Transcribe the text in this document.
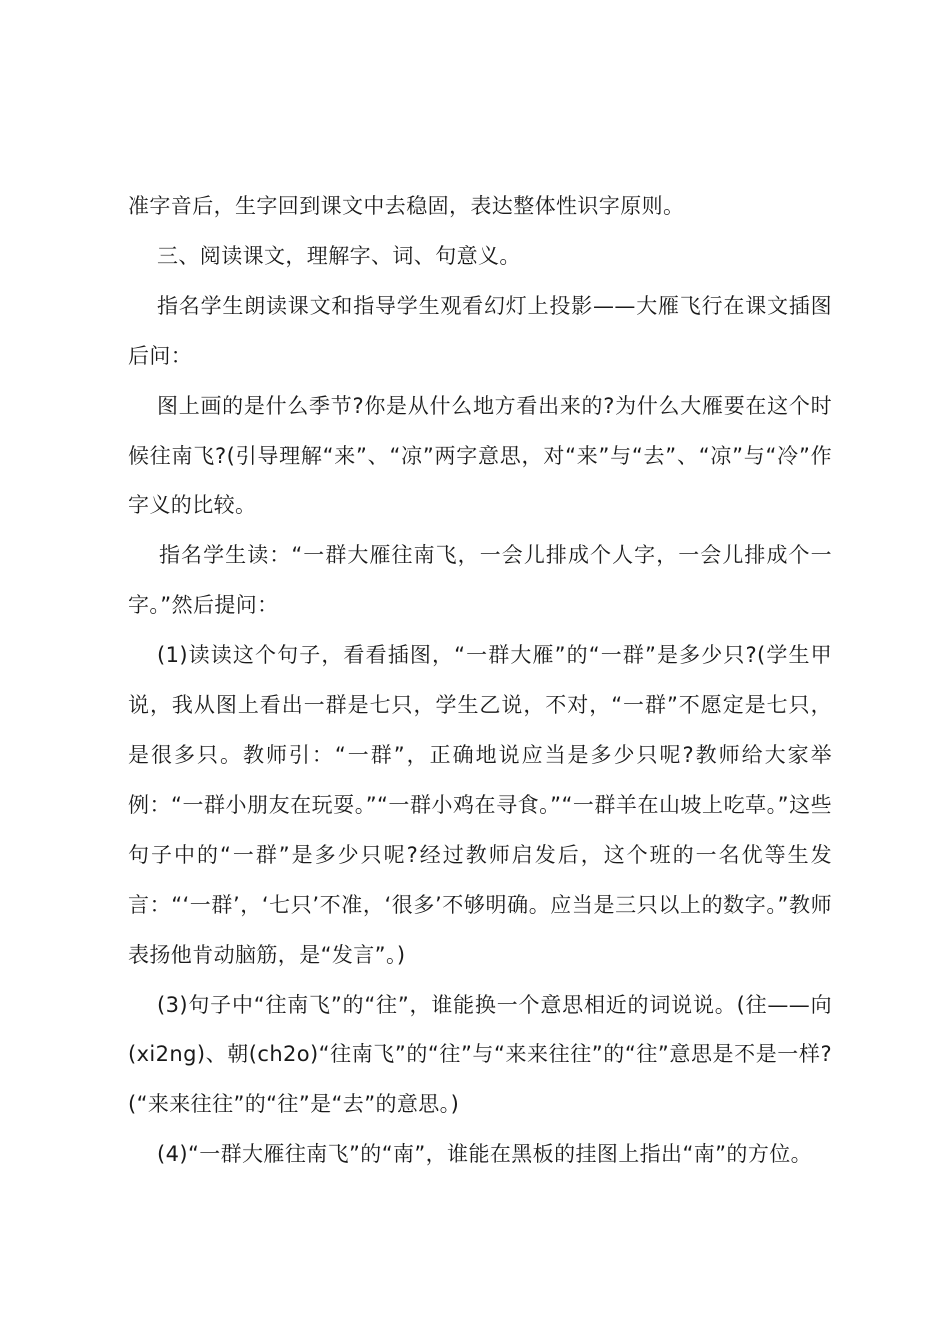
准字音后，生字回到课文中去稳固，表达整体性识字原则。

三、阅读课文，理解字、词、句意义。

指名学生朗读课文和指导学生观看幻灯上投影——大雁飞行在课文插图后问：

图上画的是什么季节?你是从什么地方看出来的?为什么大雁要在这个时候往南飞?(引导理解“来”、“凉”两字意思，对“来”与“去”、“凉”与“冷”作字义的比较。

指名学生读：“一群大雁往南飞，一会儿排成个人字，一会儿排成个一字。”然后提问：

(1)读读这个句子，看看插图，“一群大雁”的“一群”是多少只?(学生甲说，我从图上看出一群是七只，学生乙说，不对，“一群”不愿定是七只，是很多只。教师引：“一群”，正确地说应当是多少只呢?教师给大家举例：“一群小朋友在玩耍。”“一群小鸡在寻食。”“一群羊在山坡上吃草。”这些句子中的“一群”是多少只呢?经过教师启发后，这个班的一名优等生发言：“‘一群’，‘七只’不准，‘很多’不够明确。应当是三只以上的数字。”教师表扬他肯动脑筋，是“发言”。)

(3)句子中“往南飞”的“往”，谁能换一个意思相近的词说说。(往——向(xi2ng)、朝(ch2o)“往南飞”的“往”与“来来往往”的“往”意思是不是一样?(“来来往往”的“往”是“去”的意思。)

(4)“一群大雁往南飞”的“南”，谁能在黑板的挂图上指出“南”的方位。
